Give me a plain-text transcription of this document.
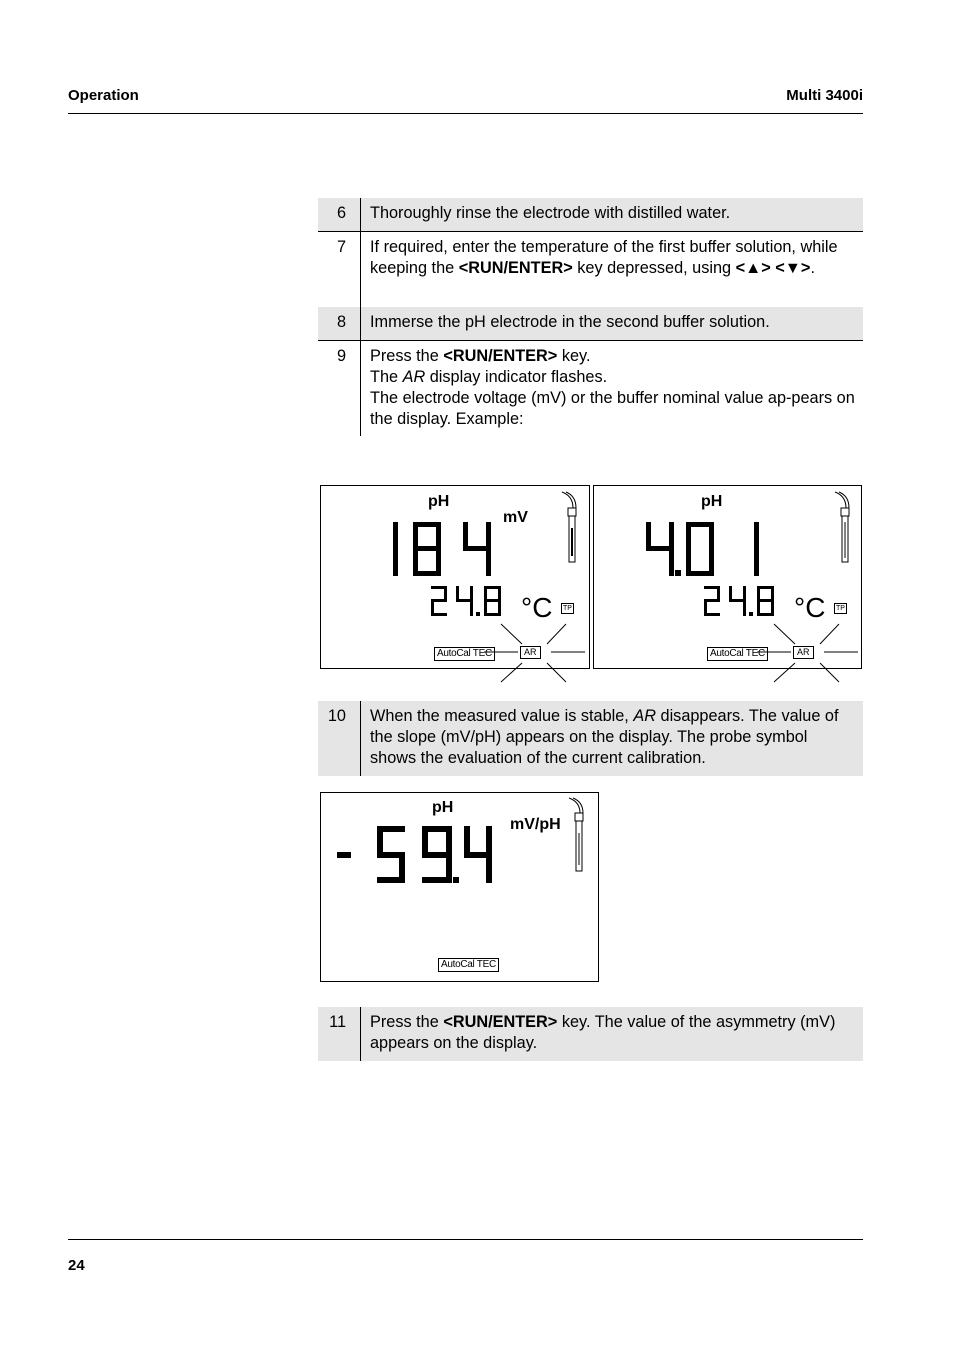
Operation	Multi 3400i
6	Thoroughly rinse the electrode with distilled water.
7	If required, enter the temperature of the first buffer solution, while keeping the <RUN/ENTER> key depressed, using <▲> <▼>.
8	Immerse the pH electrode in the second buffer solution.
9	Press the <RUN/ENTER> key.
The AR display indicator flashes.
The electrode voltage (mV) or the buffer nominal value ap-pears on the display. Example:
pH
mV
°C TP
AutoCal TEC	AR
pH
°C TP
AutoCal TEC	AR
10	When the measured value is stable, AR disappears. The value of the slope (mV/pH) appears on the display. The probe symbol shows the evaluation of the current calibration.
pH
mV/pH
AutoCal TEC
11	Press the <RUN/ENTER> key. The value of the asymmetry (mV) appears on the display.
24
